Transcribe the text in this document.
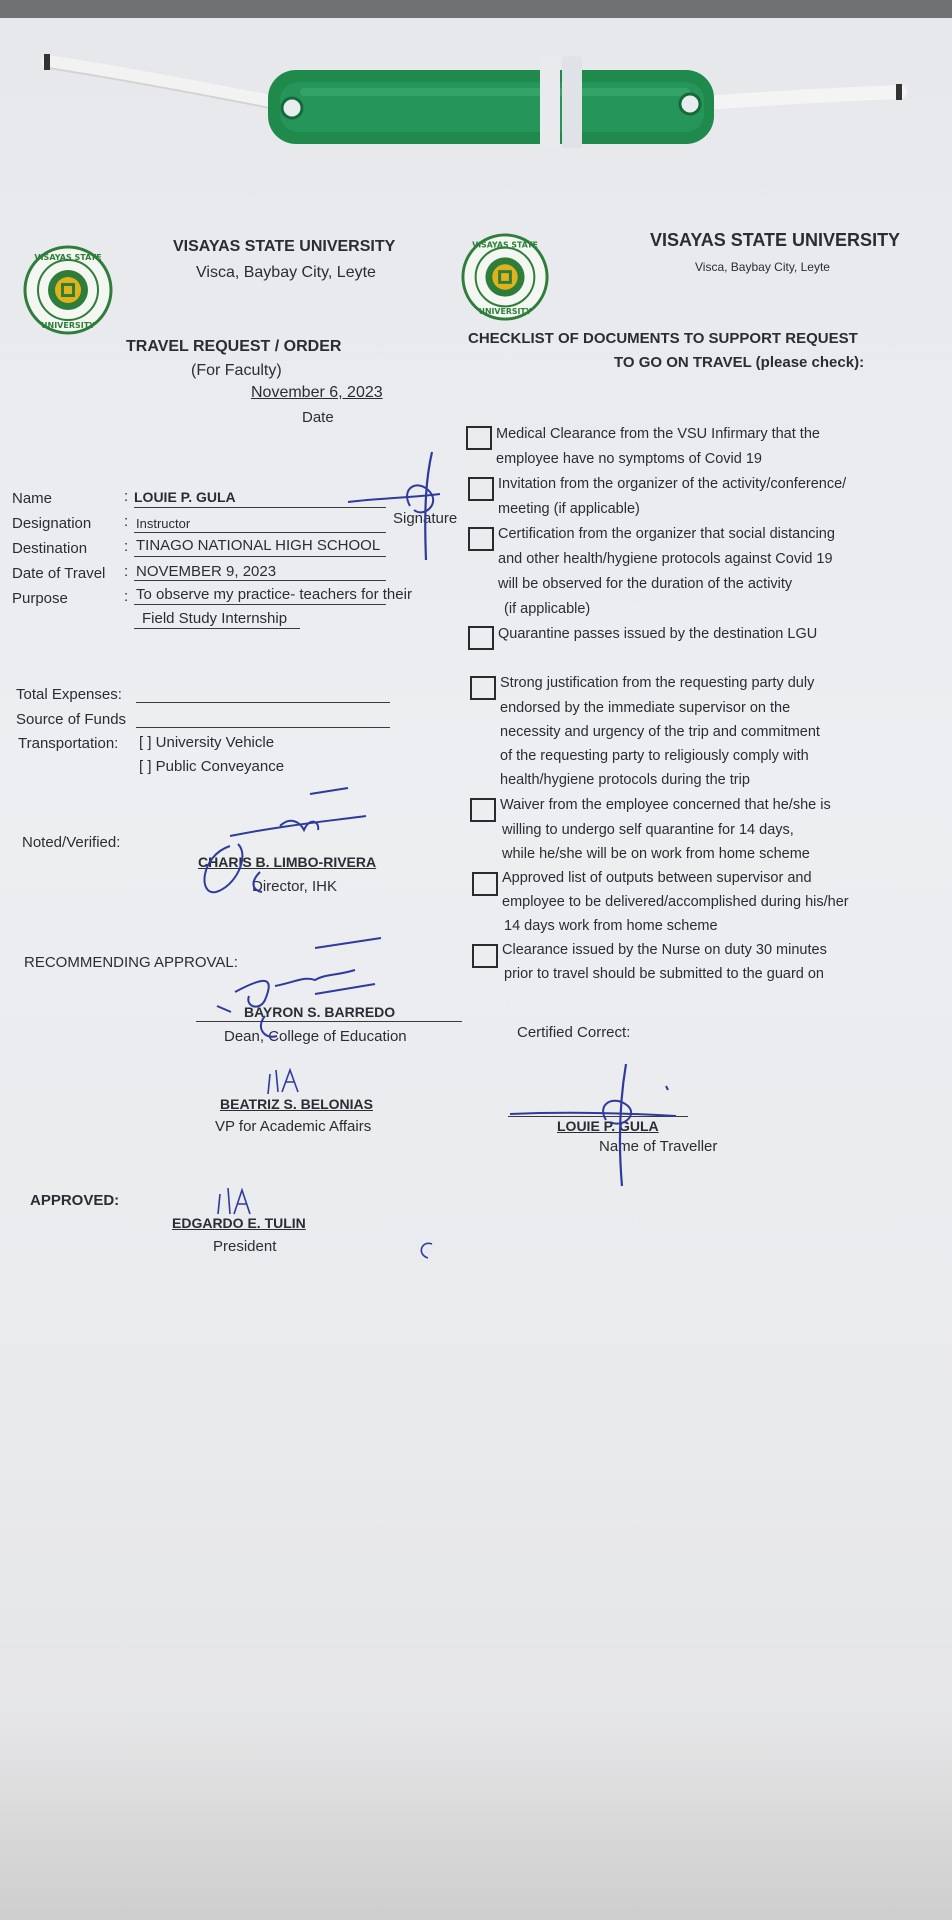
VISAYAS STATE
UNIVERSITY
VISAYAS STATE
UNIVERSITY
VISAYAS STATE UNIVERSITY
Visca, Baybay City, Leyte
TRAVEL REQUEST / ORDER
(For Faculty)
November 6, 2023
Date
VISAYAS STATE UNIVERSITY
Visca, Baybay City, Leyte
CHECKLIST OF DOCUMENTS TO SUPPORT REQUEST
TO GO ON TRAVEL (please check):
Name	: LOUIE P. GULA
Signature
Designation : Instructor
Destination : TINAGO NATIONAL HIGH SCHOOL
Date of Travel : NOVEMBER 9, 2023
Purpose	: To observe my practice- teachers for their
Field Study Internship
Total Expenses:
Source of Funds
Transportation: [ ] University Vehicle
[ ] Public Conveyance
Noted/Verified:
CHARIS B. LIMBO-RIVERA
Director, IHK
RECOMMENDING APPROVAL:
BAYRON S. BARREDO
Dean, College of Education
BEATRIZ S. BELONIAS
VP for Academic Affairs
APPROVED:
EDGARDO E. TULIN
President
Certified Correct:
LOUIE P. GULA
Name of Traveller
Medical Clearance from the VSU Infirmary that the
employee have no symptoms of Covid 19
Invitation from the organizer of the activity/conference/
meeting (if applicable)
Certification from the organizer that social distancing
and other health/hygiene protocols against Covid 19
will be observed for the duration of the activity
(if applicable)
Quarantine passes issued by the destination LGU
Strong justification from the requesting party duly
endorsed by the immediate supervisor on the
necessity and urgency of the trip and commitment
of the requesting party to religiously comply with
health/hygiene protocols during the trip
Waiver from the employee concerned that he/she is
willing to undergo self quarantine for 14 days,
while he/she will be on work from home scheme
Approved list of outputs between supervisor and
employee to be delivered/accomplished during his/her
14 days work from home scheme
Clearance issued by the Nurse on duty 30 minutes
prior to travel should be submitted to the guard on
